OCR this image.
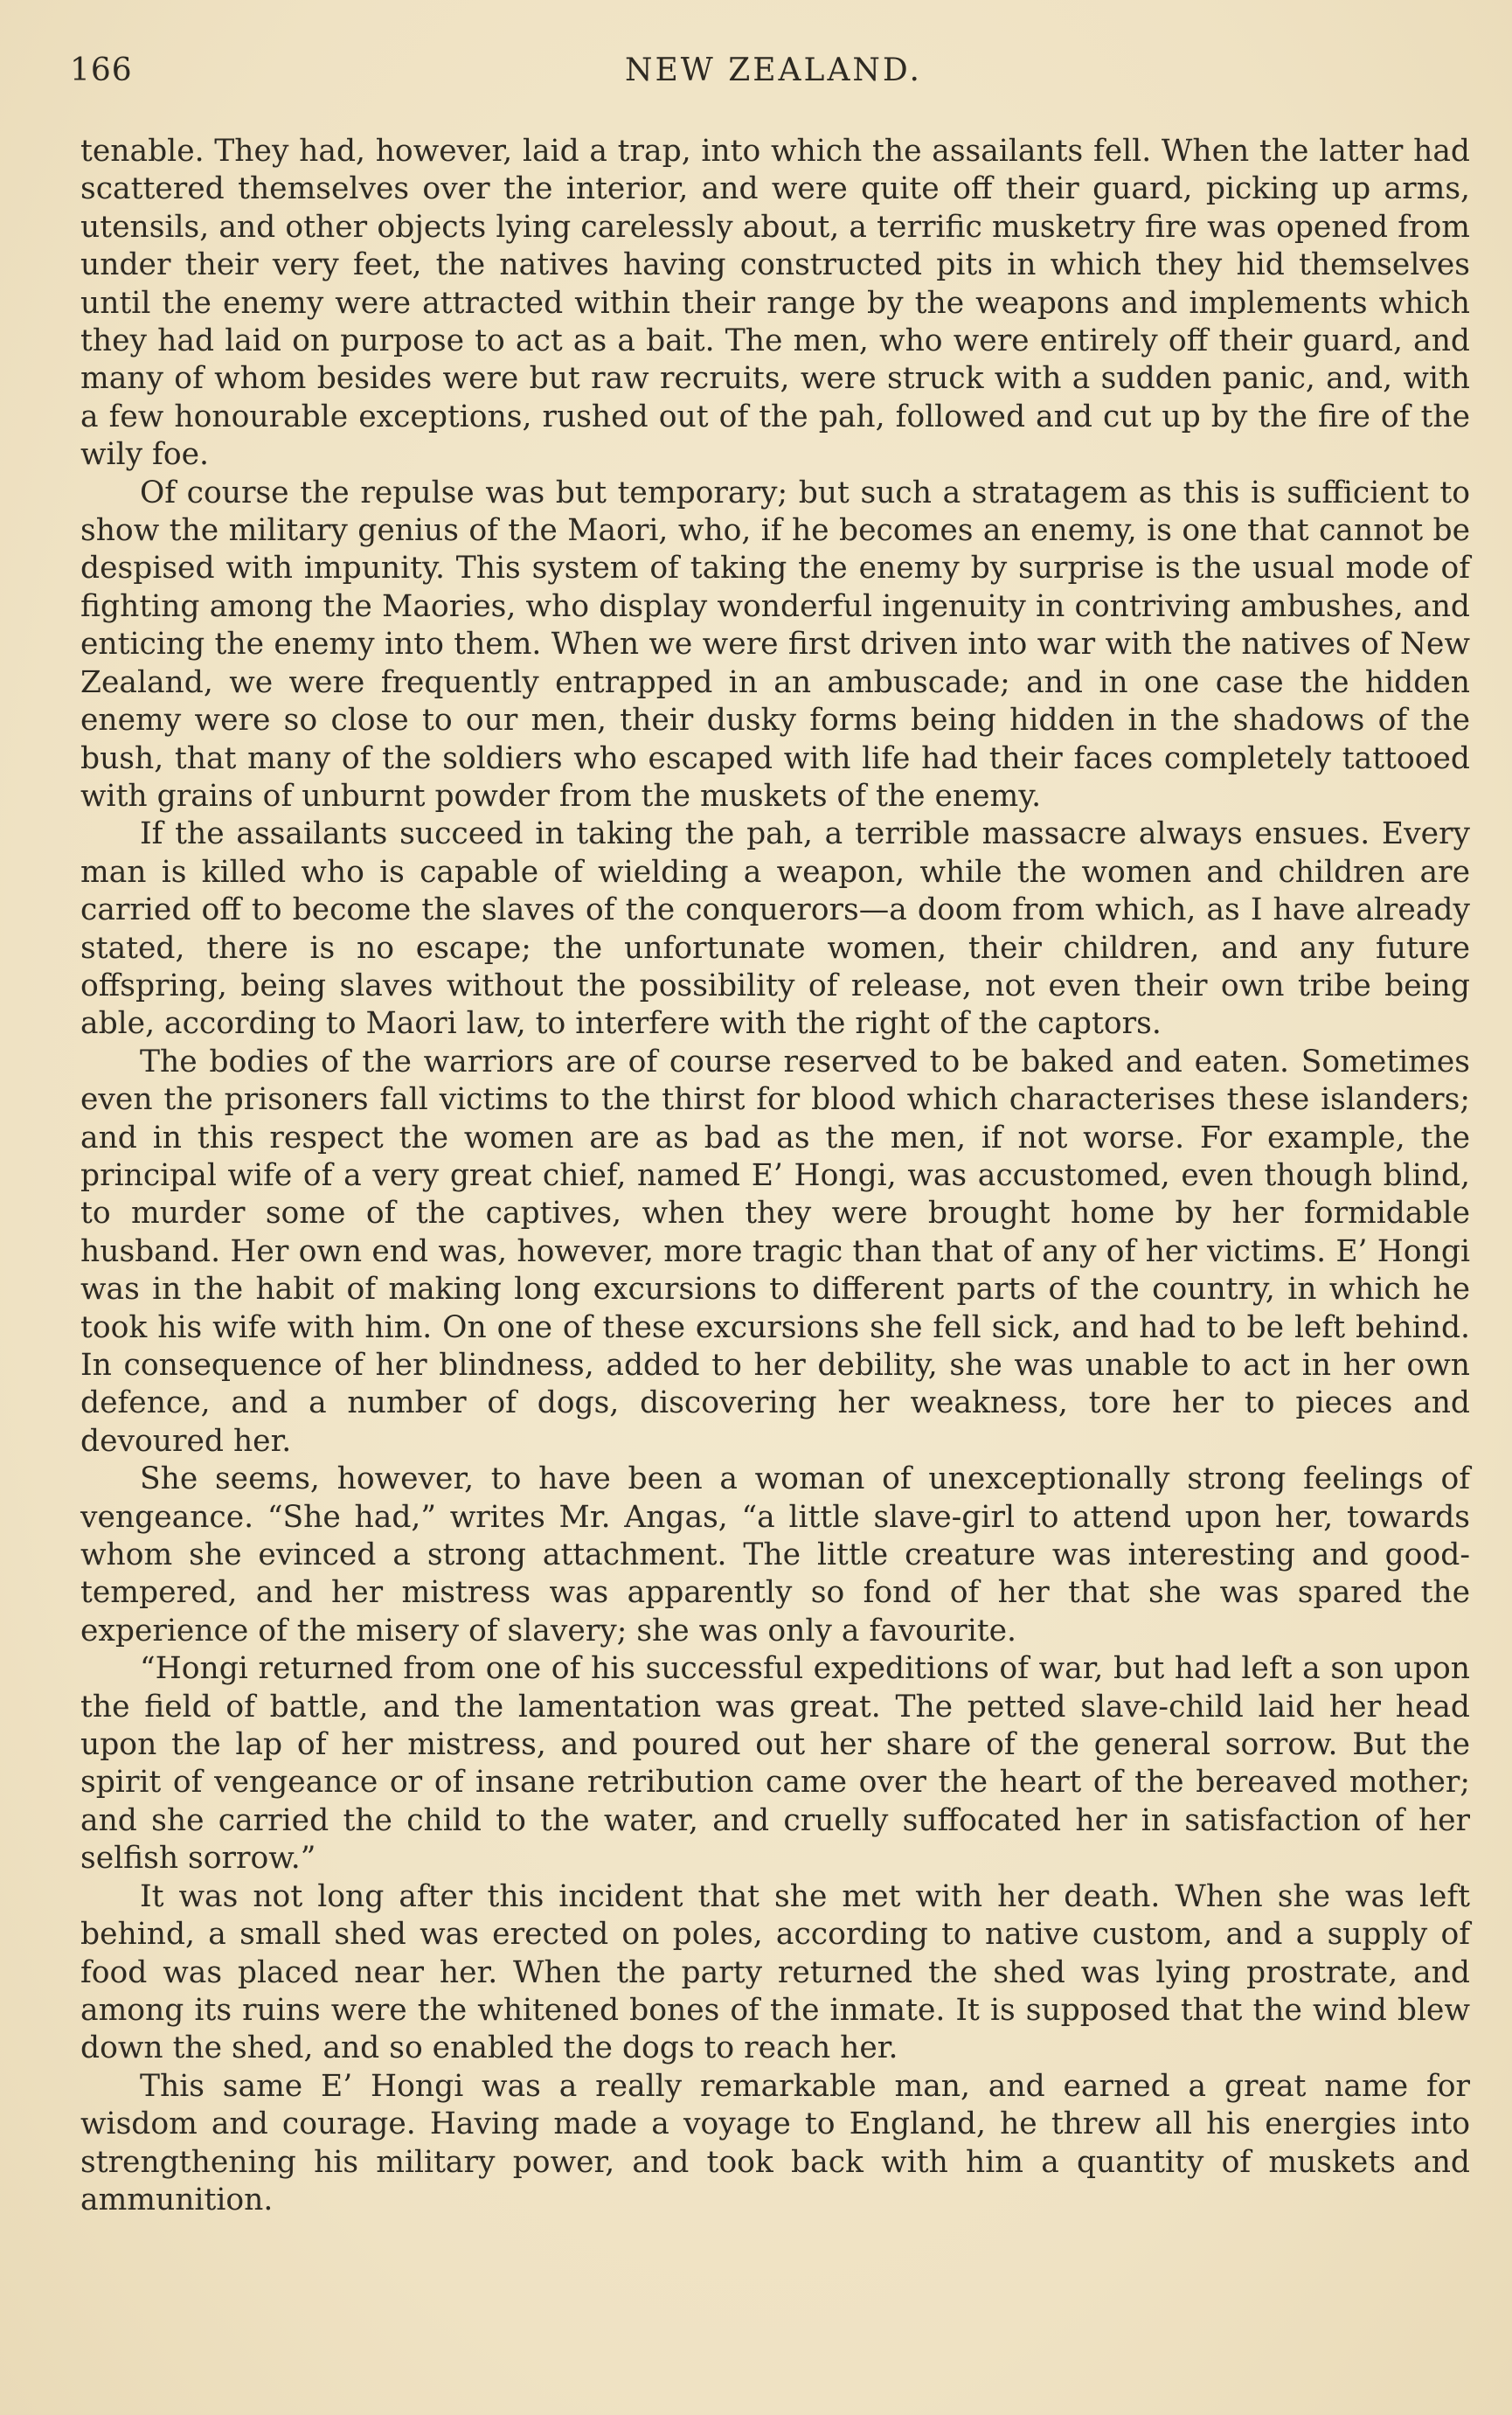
166	NEW ZEALAND.

tenable. They had, however, laid a trap, into which the assailants fell. When the latter had scattered themselves over the interior, and were quite off their guard, picking up arms, utensils, and other objects lying carelessly about, a terrific musketry fire was opened from under their very feet, the natives having constructed pits in which they hid themselves until the enemy were attracted within their range by the weapons and implements which they had laid on purpose to act as a bait. The men, who were entirely off their guard, and many of whom besides were but raw recruits, were struck with a sudden panic, and, with a few honourable exceptions, rushed out of the pah, followed and cut up by the fire of the wily foe.

Of course the repulse was but temporary; but such a stratagem as this is sufficient to show the military genius of the Maori, who, if he becomes an enemy, is one that cannot be despised with impunity. This system of taking the enemy by surprise is the usual mode of fighting among the Maories, who display wonderful ingenuity in contriving ambushes, and enticing the enemy into them. When we were first driven into war with the natives of New Zealand, we were frequently entrapped in an ambuscade; and in one case the hidden enemy were so close to our men, their dusky forms being hidden in the shadows of the bush, that many of the soldiers who escaped with life had their faces completely tattooed with grains of unburnt powder from the muskets of the enemy.

If the assailants succeed in taking the pah, a terrible massacre always ensues. Every man is killed who is capable of wielding a weapon, while the women and children are carried off to become the slaves of the conquerors—a doom from which, as I have already stated, there is no escape; the unfortunate women, their children, and any future offspring, being slaves without the possibility of release, not even their own tribe being able, according to Maori law, to interfere with the right of the captors.

The bodies of the warriors are of course reserved to be baked and eaten. Sometimes even the prisoners fall victims to the thirst for blood which characterises these islanders; and in this respect the women are as bad as the men, if not worse. For example, the principal wife of a very great chief, named E’ Hongi, was accustomed, even though blind, to murder some of the captives, when they were brought home by her formidable husband. Her own end was, however, more tragic than that of any of her victims. E’ Hongi was in the habit of making long excursions to different parts of the country, in which he took his wife with him. On one of these excursions she fell sick, and had to be left behind. In consequence of her blindness, added to her debility, she was unable to act in her own defence, and a number of dogs, discovering her weakness, tore her to pieces and devoured her.

She seems, however, to have been a woman of unexceptionally strong feelings of vengeance. “She had,” writes Mr. Angas, “a little slave-girl to attend upon her, towards whom she evinced a strong attachment. The little creature was interesting and good-tempered, and her mistress was apparently so fond of her that she was spared the experience of the misery of slavery; she was only a favourite.

“Hongi returned from one of his successful expeditions of war, but had left a son upon the field of battle, and the lamentation was great. The petted slave-child laid her head upon the lap of her mistress, and poured out her share of the general sorrow. But the spirit of vengeance or of insane retribution came over the heart of the bereaved mother; and she carried the child to the water, and cruelly suffocated her in satisfaction of her selfish sorrow.”

It was not long after this incident that she met with her death. When she was left behind, a small shed was erected on poles, according to native custom, and a supply of food was placed near her. When the party returned the shed was lying prostrate, and among its ruins were the whitened bones of the inmate. It is supposed that the wind blew down the shed, and so enabled the dogs to reach her.

This same E’ Hongi was a really remarkable man, and earned a great name for wisdom and courage. Having made a voyage to England, he threw all his energies into strengthening his military power, and took back with him a quantity of muskets and ammunition.
